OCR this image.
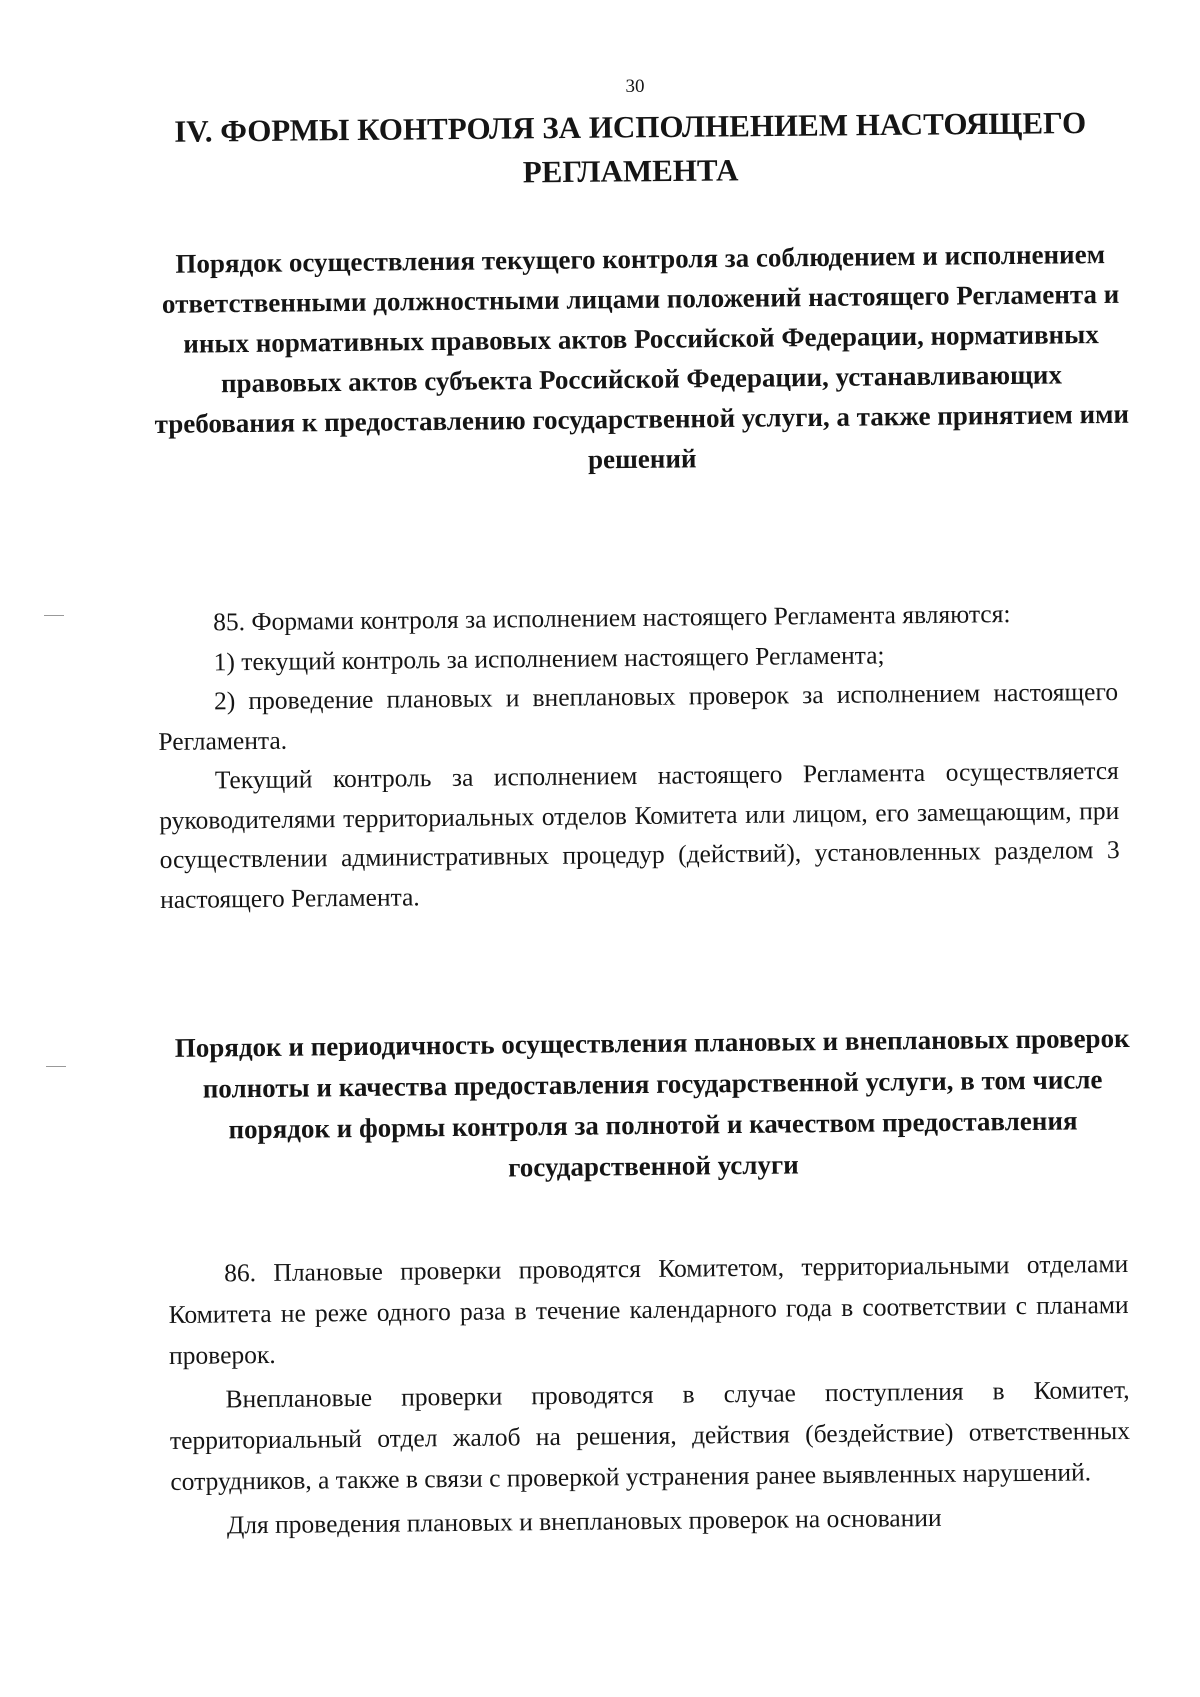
30
IV. ФОРМЫ КОНТРОЛЯ ЗА ИСПОЛНЕНИЕМ НАСТОЯЩЕГО РЕГЛАМЕНТА
Порядок осуществления текущего контроля за соблюдением и исполнением ответственными должностными лицами положений настоящего Регламента и иных нормативных правовых актов Российской Федерации, нормативных правовых актов субъекта Российской Федерации, устанавливающих требования к предоставлению государственной услуги, а также принятием ими решений

85. Формами контроля за исполнением настоящего Регламента являются:

1) текущий контроль за исполнением настоящего Регламента;

2) проведение плановых и внеплановых проверок за исполнением настоящего Регламента.

Текущий контроль за исполнением настоящего Регламента осуществляется руководителями территориальных отделов Комитета или лицом, его замещающим, при осуществлении административных процедур (действий), установленных разделом 3 настоящего Регламента.

Порядок и периодичность осуществления плановых и внеплановых проверок полноты и качества предоставления государственной услуги, в том числе порядок и формы контроля за полнотой и качеством предоставления государственной услуги

86. Плановые проверки проводятся Комитетом, территориальными отделами Комитета не реже одного раза в течение календарного года в соответствии с планами проверок.

Внеплановые проверки проводятся в случае поступления в Комитет, территориальный отдел жалоб на решения, действия (бездействие) ответственных сотрудников, а также в связи с проверкой устранения ранее выявленных нарушений.

Для проведения плановых и внеплановых проверок на основании
